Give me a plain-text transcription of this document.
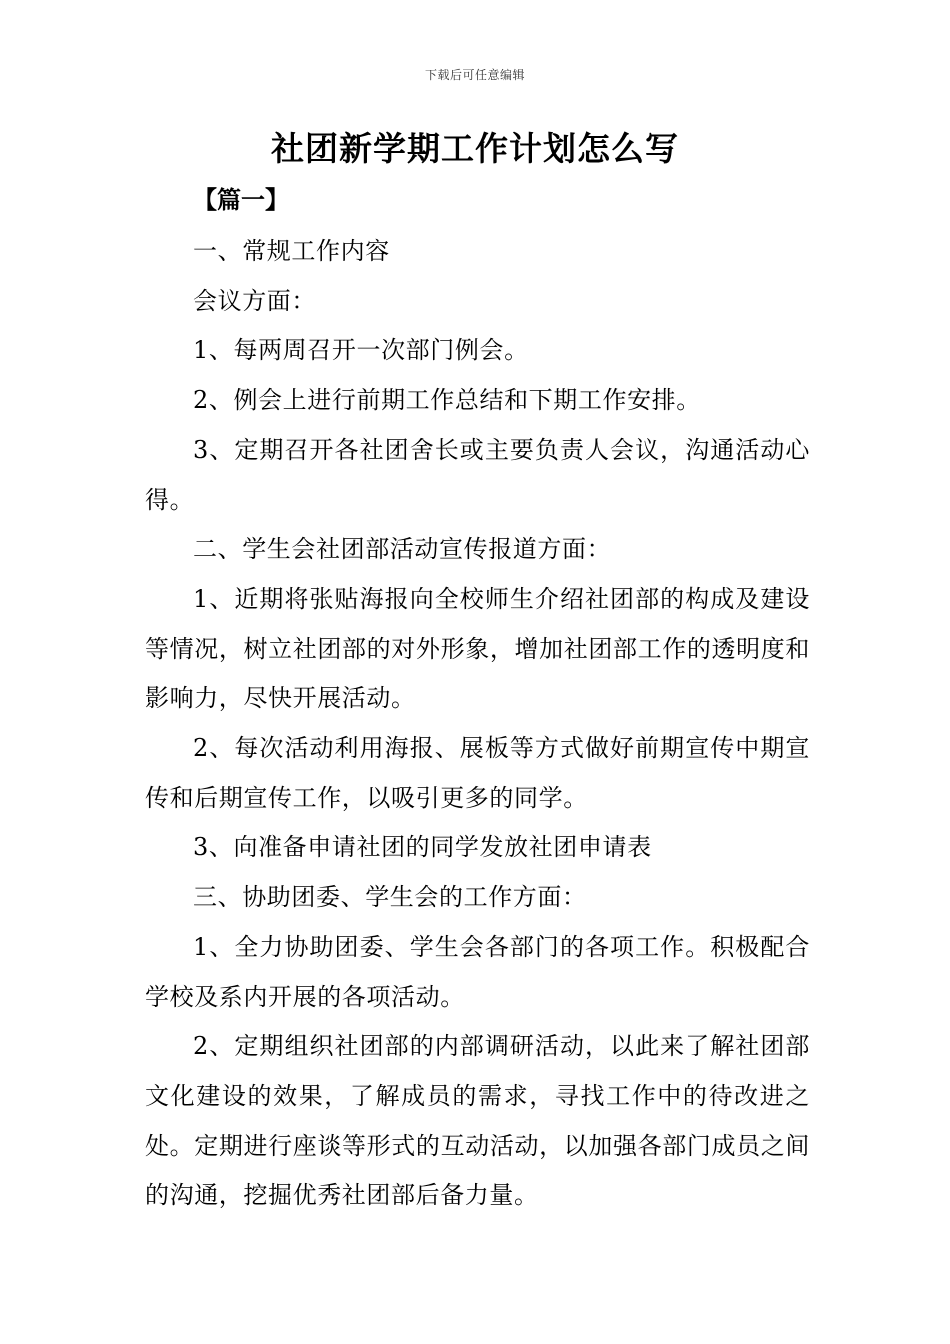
下载后可任意编辑
社团新学期工作计划怎么写
【篇一】

一、常规工作内容

会议方面：

1、每两周召开一次部门例会。

2、例会上进行前期工作总结和下期工作安排。

3、定期召开各社团舍长或主要负责人会议，沟通活动心得。

二、学生会社团部活动宣传报道方面：

1、近期将张贴海报向全校师生介绍社团部的构成及建设等情况，树立社团部的对外形象，增加社团部工作的透明度和影响力，尽快开展活动。

2、每次活动利用海报、展板等方式做好前期宣传中期宣传和后期宣传工作，以吸引更多的同学。

3、向准备申请社团的同学发放社团申请表

三、协助团委、学生会的工作方面：

1、全力协助团委、学生会各部门的各项工作。积极配合学校及系内开展的各项活动。

2、定期组织社团部的内部调研活动，以此来了解社团部文化建设的效果，了解成员的需求，寻找工作中的待改进之处。定期进行座谈等形式的互动活动，以加强各部门成员之间的沟通，挖掘优秀社团部后备力量。
